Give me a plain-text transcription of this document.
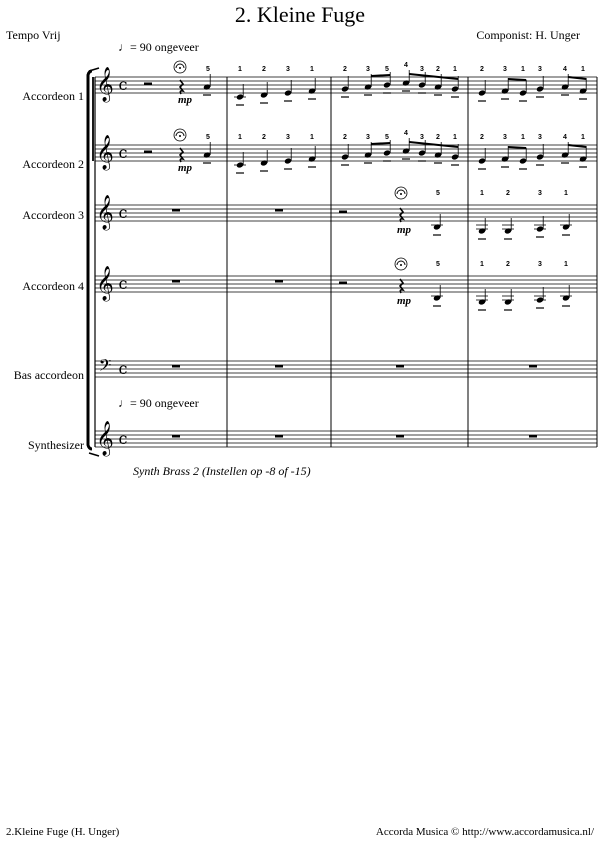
2. Kleine Fuge
Tempo Vrij	Componist: H. Unger
♩= 90 ongeveer
♩= 90 ongeveer
Accordeon 1
Accordeon 2
Accordeon 3
Accordeon 4
Bas accordeon
Synthesizer
𝄞 c
𝄞 c
𝄞 c
𝄞 c
𝄢 c
𝄞 c
5
mp
1	2	3	1	2	3 5
4
3 2 1	2	3 1 3	4 1
5
mp
1	2	3	1	2	3 5
4
3 2 1	2	3 1 3	4 1
5
mp
1	2	3	1
5
mp
1	2	3	1
Synth Brass 2 (Instellen op -8 of -15)
2.Kleine Fuge (H. Unger)	Accorda Musica © http://www.accordamusica.nl/
